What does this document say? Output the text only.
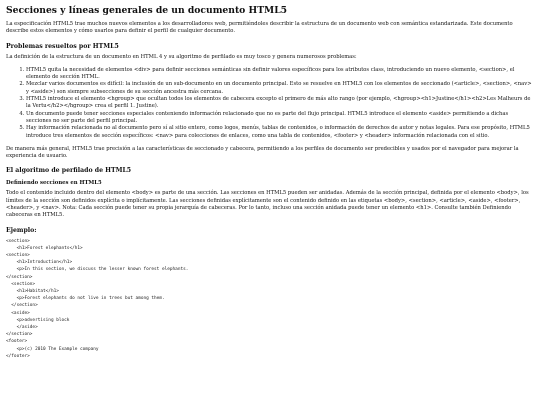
Secciones y líneas generales de un documento HTML5

La especificación HTML5 trae muchos nuevos elementos a los desarrolladores web, permitiéndoles describir la estructura de un documento web con semántica estandarizada. Este documento describe estos elementos y cómo usarlos para definir el perfil de cualquier documento.

Problemas resueltos por HTML5

La definición de la estructura de un documento en HTML 4 y su algoritmo de perfilado es muy tosco y genera numerosos problemas:

1. HTML5 quita la necesidad de elementos <div> para definir secciones semánticas sin definir valores específicos para los atributos class, introduciendo un nuevo elemento, <section>, el elemento de sección HTML.
2. Mezclar varios documentos es difícil: la inclusión de un sub-documento en un documento principal. Esto se resuelve en HTML5 con los elementos de seccionado (<article>, <section>, <nav> y <aside>) son siempre subsecciones de su sección ancestra más cercana.
3. HTML5 introduce el elemento <hgroup> que ocultan todos los elementos de cabecera excepto el primero de más alto rango (por ejemplo, <hgroup><h1>Justine</h1><h2>Les Malheurs de la Vertu</h2></hgroup> crea el perfil 1. Justine).
4. Un documento puede tener secciones especiales conteniendo información relacionado que no es parte del flujo principal. HTML5 introduce el elemento <aside> permitiendo a dichas secciones no ser parte del perfil principal.
5. Hay información relacionada no al documento pero sí al sitio entero, como logos, menús, tablas de contenidos, o información de derechos de autor y notas legales. Para ese propósito, HTML5 introduce tres elementos de sección específicos: <nav> para colecciones de enlaces, como una tabla de contenidos, <footer> y <header> información relacionada con el sitio.

De manera más general, HTML5 trae precisión a las características de seccionado y cabecera, permitiendo a los perfiles de documento ser predecibles y usados por el navegador para mejorar la experiencia de usuario.

El algoritmo de perfilado de HTML5
Definiendo secciones en HTML5

Todo el contenido incluido dentro del elemento <body> es parte de una sección. Las secciones en HTML5 pueden ser anidadas. Además de la sección principal, definida por el elemento <body>, los límites de la sección son definidos explícita o implícitamente. Las secciones definidas explícitamente son el contenido definido en las etiquetas <body>, <section>, <article>, <aside>, <footer>, <header>, y <nav>. Nota: Cada sección puede tener su propia jerarquía de cabeceras. Por lo tanto, incluso una sección anidada puede tener un elemento <h1>. Consulte también Definiendo cabeceras en HTML5.

Ejemplo:
<section>
<h1>Forest elephants</h1>
<section>
<h1>Introduction</h1>
<p>In this section, we discuss the lesser known forest elephants.
</section>
<section>
<h1>Habitat</h1>
<p>Forest elephants do not live in trees but among them.
</section>
<aside>
<p>advertising block
</aside>
</section>
<footer>
<p>(c) 2010 The Example company
</footer>
